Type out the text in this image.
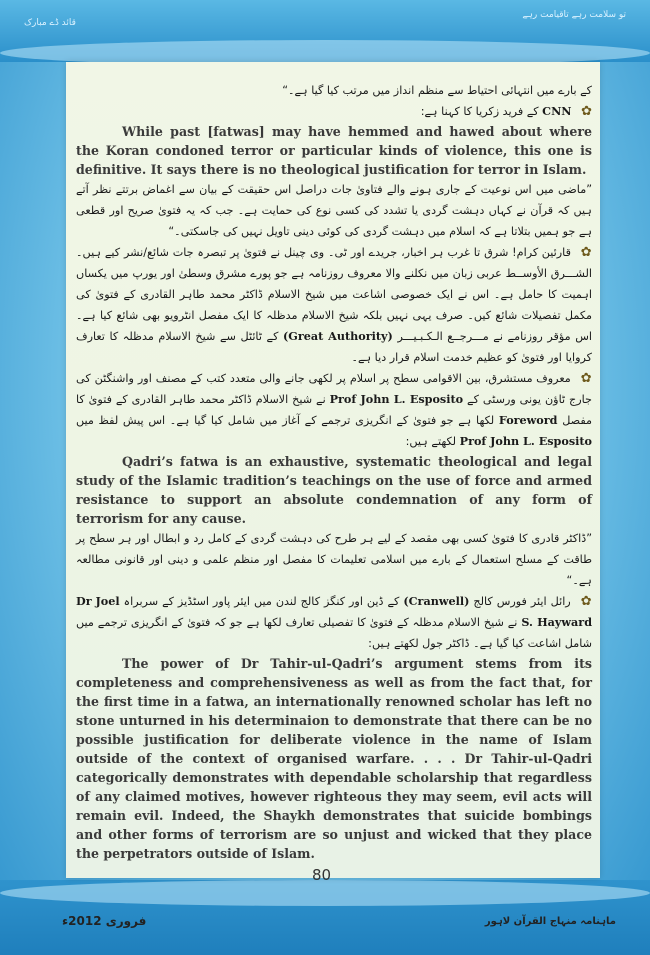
قائد ڈے مبارک
تو سلامت رہے تاقیامت رہے

کے بارے میں انتہائی احتیاط سے منظم انداز میں مرتب کیا گیا ہے۔“

✿ CNN کے فرید زکریا کا کہنا ہے:

While past [fatwas] may have hemmed and hawed about where the Koran condoned terror or particular kinds of violence, this one is definitive. It says there is no theological justification for terror in Islam.

”ماضی میں اس نوعیت کے جاری ہونے والے فتاویٰ جات دراصل اس حقیقت کے بیان سے اغماض برتتے نظر آتے ہیں کہ قرآن نے کہاں دہشت گردی یا تشدد کی کسی نوع کی حمایت ہے۔ جب کہ یہ فتویٰ صریح اور قطعی ہے جو ہمیں بتلاتا ہے کہ اسلام میں دہشت گردی کی کوئی دینی تاویل نہیں کی جاسکتی۔“

✿ قارئین کرام! شرق تا غرب ہر اخبار، جریدے اور ٹی۔ وی چینل نے فتویٰ پر تبصرہ جات شائع/نشر کیے ہیں۔ الشـــرق الأوســط عربی زبان میں نکلنے والا معروف روزنامہ ہے جو پورے مشرق وسطیٰ اور یورپ میں یکساں اہمیت کا حامل ہے۔ اس نے ایک خصوصی اشاعت میں شیخ الاسلام ڈاکٹر محمد طاہر القادری کے فتویٰ کی مکمل تفصیلات شائع کیں۔ صرف یہی نہیں بلکہ شیخ الاسلام مدظلہ کا ایک مفصل انٹرویو بھی شائع کیا ہے۔ اس مؤقر روزنامے نے مـــرجــع الـكـبـيـــر (Great Authority) کے ٹائٹل سے شیخ الاسلام مدظلہ کا تعارف کروایا اور فتویٰ کو عظیم خدمت اسلام قرار دیا ہے۔

✿ معروف مستشرق، بین الاقوامی سطح پر اسلام پر لکھی جانے والی متعدد کتب کے مصنف اور واشنگٹن کی جارج ٹاؤن یونی ورسٹی کے Prof John L. Esposito نے شیخ الاسلام ڈاکٹر محمد طاہر القادری کے فتویٰ کا مفصل Foreword لکھا ہے جو فتویٰ کے انگریزی ترجمے کے آغاز میں شامل کیا گیا ہے۔ اس پیش لفظ میں Prof John L. Esposito لکھتے ہیں:

Qadri’s fatwa is an exhaustive, systematic theological and legal study of the Islamic tradition’s teachings on the use of force and armed resistance to support an absolute condemnation of any form of terrorism for any cause.

”ڈاکٹر قادری کا فتویٰ کسی بھی مقصد کے لیے ہر طرح کی دہشت گردی کے کامل رد و ابطال اور ہر سطح پر طاقت کے مسلح استعمال کے بارے میں اسلامی تعلیمات کا مفصل اور منظم علمی و دینی اور قانونی مطالعہ ہے۔“

✿ رائل ایئر فورس کالج (Cranwell) کے ڈین اور کنگز کالج لندن میں ایئر پاور اسٹڈیز کے سربراہ Dr Joel S. Hayward نے شیخ الاسلام مدظلہ کے فتویٰ کا تفصیلی تعارف لکھا ہے جو کہ فتویٰ کے انگریزی ترجمے میں شامل اشاعت کیا گیا ہے۔ ڈاکٹر جول لکھتے ہیں:

The power of Dr Tahir-ul-Qadri’s argument stems from its completeness and comprehensiveness as well as from the fact that, for the first time in a fatwa, an internationally renowned scholar has left no stone unturned in his determinaion to demonstrate that there can be no possible justification for deliberate violence in the name of Islam outside of the context of organised warfare. . . . Dr Tahir-ul-Qadri categorically demonstrates with dependable scholarship that regardless of any claimed motives, however righteous they may seem, evil acts will remain evil. Indeed, the Shaykh demonstrates that suicide bombings and other forms of terrorism are so unjust and wicked that they place the perpetrators outside of Islam.

80
ماہنامہ منہاج القرآن لاہور
فروری 2012ء
